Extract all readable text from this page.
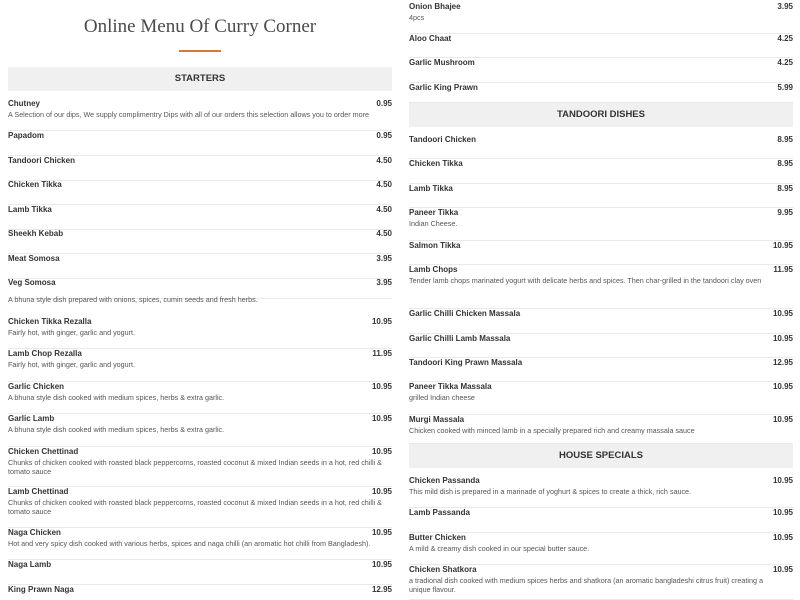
Online Menu Of Curry Corner
STARTERS
Chutney	0.95
A Selection of our dips, We supply complimentry Dips with all of our orders this selection allows you to order more
Papadom	0.95
Tandoori Chicken	4.50
Chicken Tikka	4.50
Lamb Tikka	4.50
Sheekh Kebab	4.50
Meat Somosa	3.95
Veg Somosa	3.95
A bhuna style dish prepared with onions, spices, cumin seeds and fresh herbs.
Chicken Tikka Rezalla	10.95
Fairly hot, with ginger, garlic and yogurt.
Lamb Chop Rezalla	11.95
Fairly hot, with ginger, garlic and yogurt.
Garlic Chicken	10.95
A bhuna style dish cooked with medium spices, herbs & extra garlic.
Garlic Lamb	10.95
A bhuna style dish cooked with medium spices, herbs & extra garlic.
Chicken Chettinad	10.95
Chunks of chicken cooked with roasted black peppercorns, roasted coconut & mixed Indian seeds in a hot, red chilli & tomato sauce
Lamb Chettinad	10.95
Chunks of chicken cooked with roasted black peppercorns, roasted coconut & mixed Indian seeds in a hot, red chilli & tomato sauce
Naga Chicken	10.95
Hot and very spicy dish cooked with various herbs, spices and naga chilli (an aromatic hot chilli from Bangladesh).
Naga Lamb	10.95
King Prawn Naga	12.95
Onion Bhajee	3.95
4pcs
Aloo Chaat	4.25
Garlic Mushroom	4.25
Garlic King Prawn	5.99
TANDOORI DISHES
Tandoori Chicken	8.95
Chicken Tikka	8.95
Lamb Tikka	8.95
Paneer Tikka	9.95
Indian Cheese.
Salmon Tikka	10.95
Lamb Chops	11.95
Tender lamb chops marinated yogurt with delicate herbs and spices. Then char-grilled in the tandoori clay oven
Garlic Chilli Chicken Massala	10.95
Garlic Chilli Lamb Massala	10.95
Tandoori King Prawn Massala	12.95
Paneer Tikka Massala	10.95
grilled Indian cheese
Murgi Massala	10.95
Chicken cooked with minced lamb in a specially prepared rich and creamy massala sauce
HOUSE SPECIALS
Chicken Passanda	10.95
This mild dish is prepared in a marinade of yoghurt & spices to create a thick, rich sauce.
Lamb Passanda	10.95
Butter Chicken	10.95
A mild & creamy dish cooked in our special butter sauce.
Chicken Shatkora	10.95
a tradional dish cooked with medium spices herbs and shatkora (an aromatic bangladeshi citrus fruit) creating a unique flavour.
